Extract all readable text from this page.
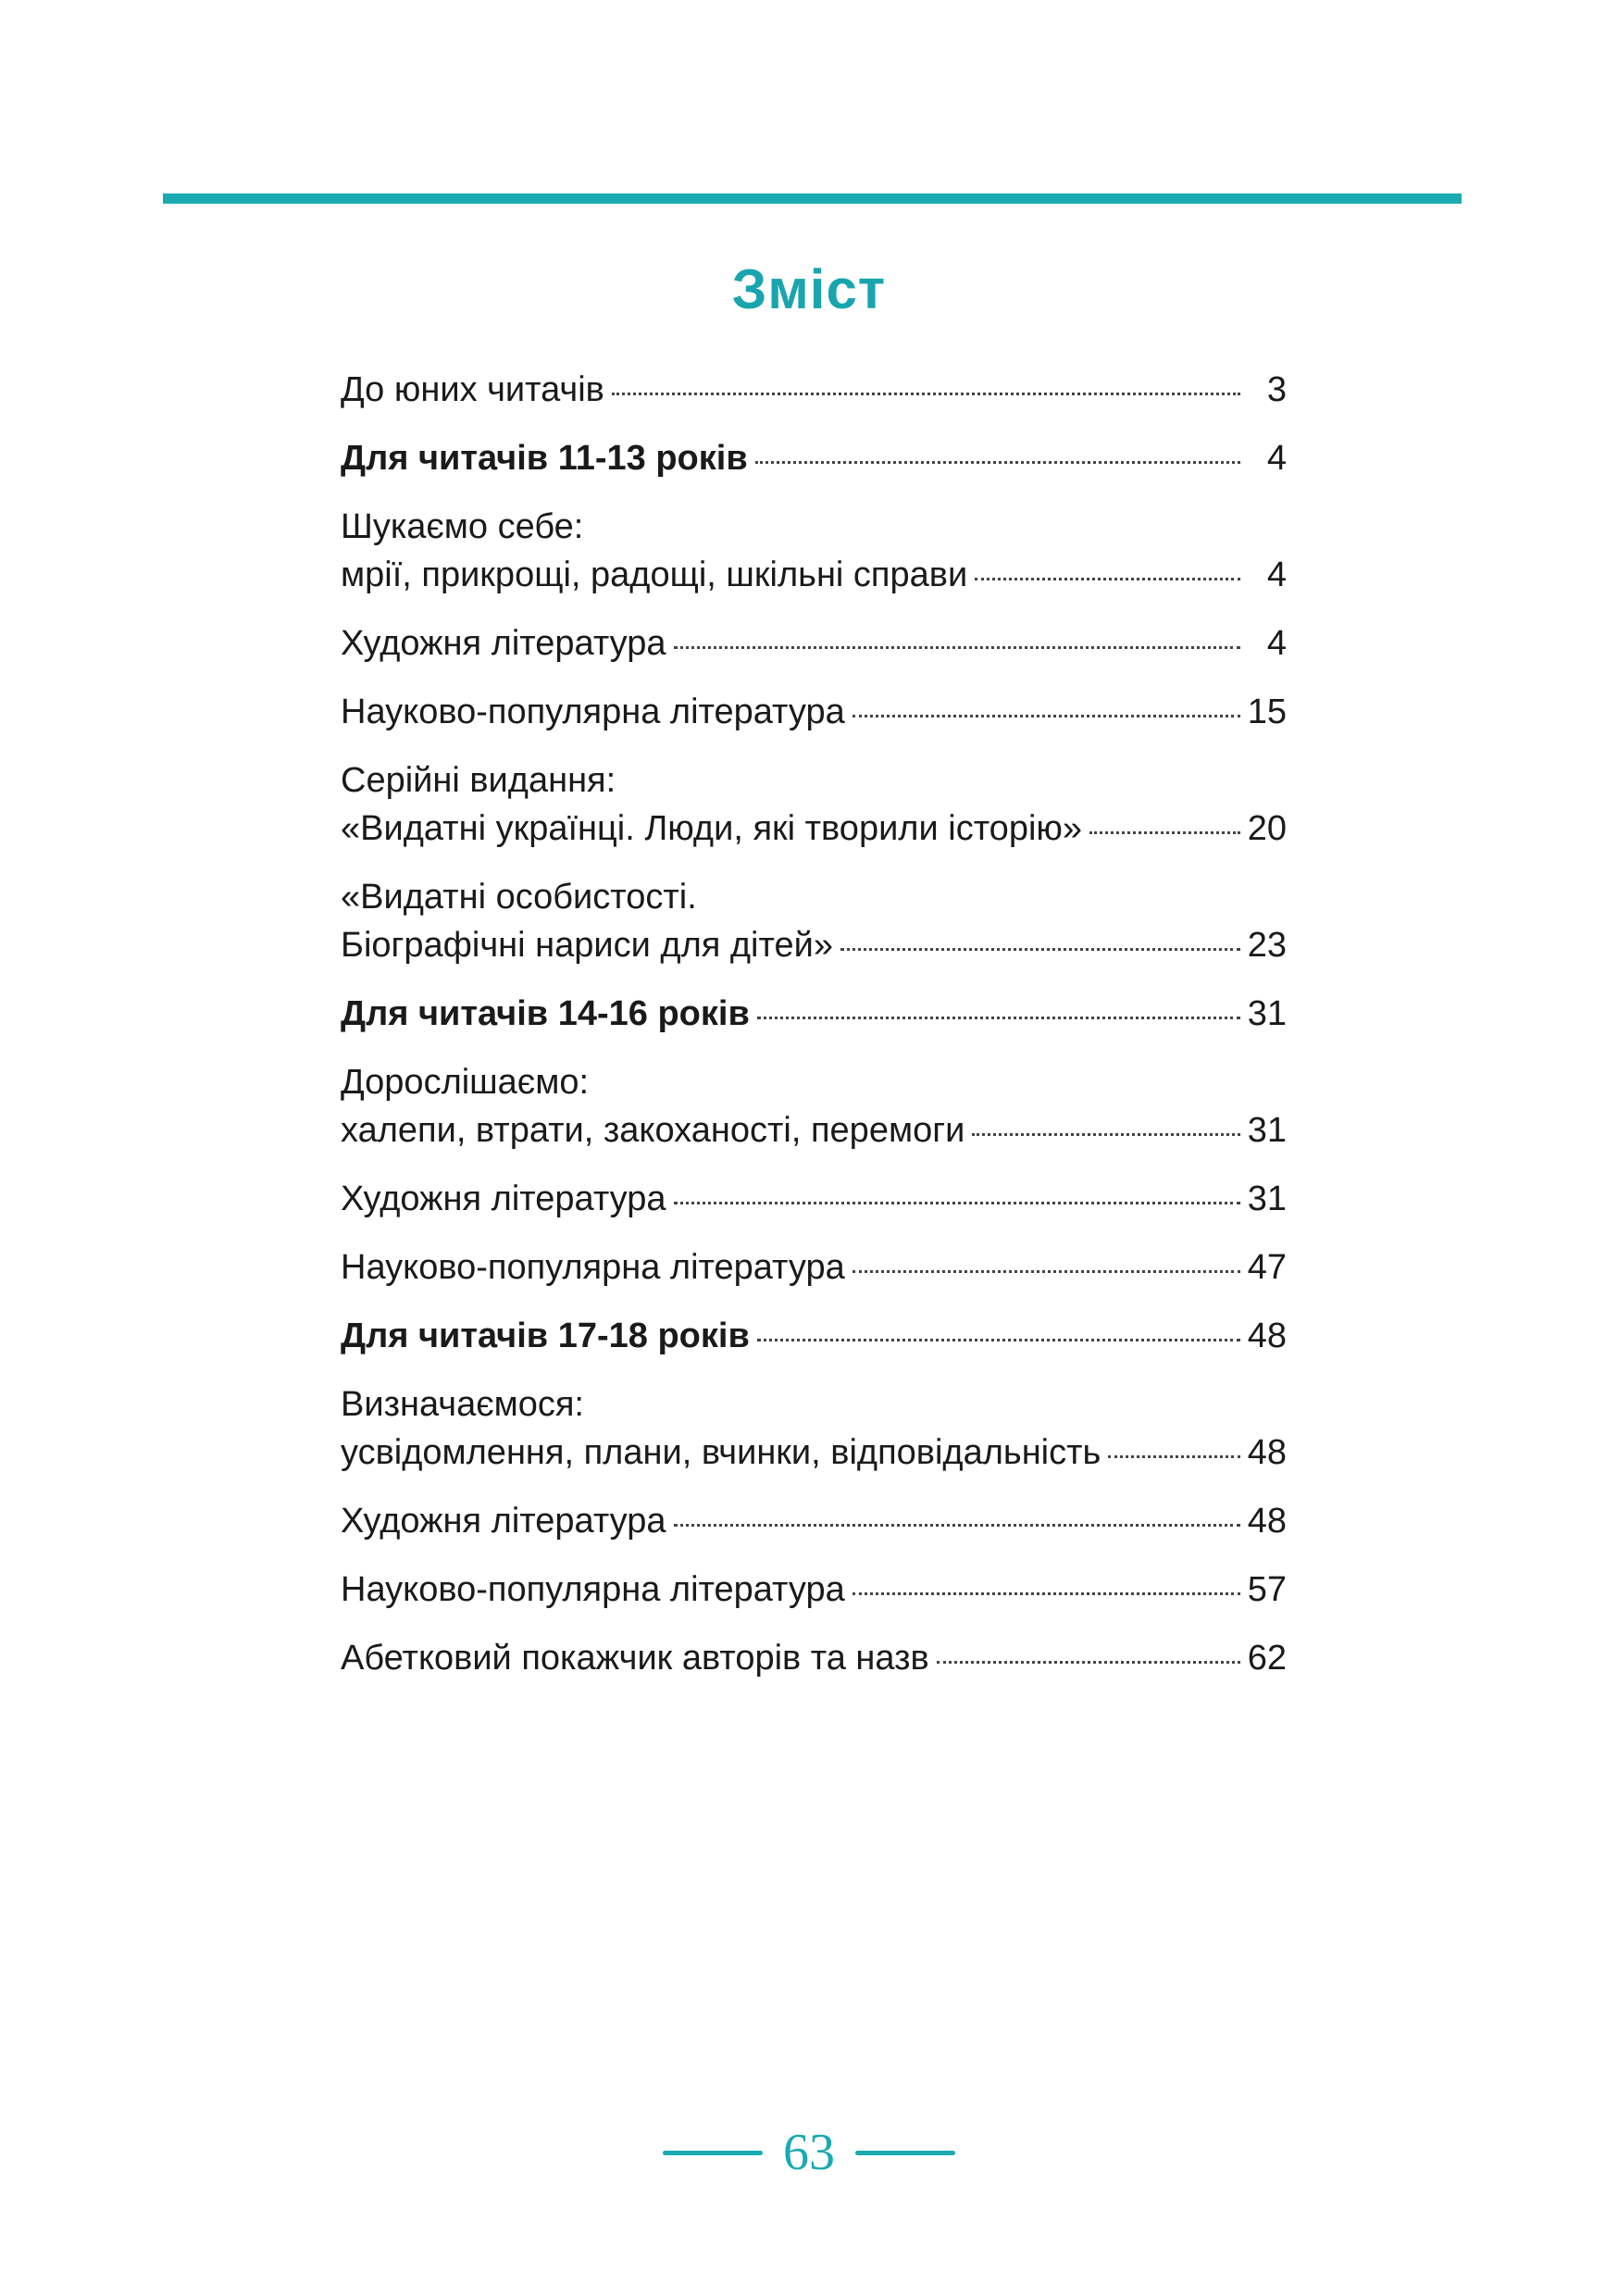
Зміст
До юних читачів	3
Для читачів 11-13 років	4
Шукаємо себе:
мрії, прикрощі, радощі, шкільні справи	4
Художня література	4
Науково-популярна література	15
Серійні видання:
«Видатні українці. Люди, які творили історію»	20
«Видатні особистості.
Біографічні нариси для дітей»	23
Для читачів 14-16 років	31
Дорослішаємо:
халепи, втрати, закоханості, перемоги	31
Художня література	31
Науково-популярна література	47
Для читачів 17-18 років	48
Визначаємося:
усвідомлення, плани, вчинки, відповідальність	48
Художня література	48
Науково-популярна література	57
Абетковий покажчик авторів та назв	62
63
